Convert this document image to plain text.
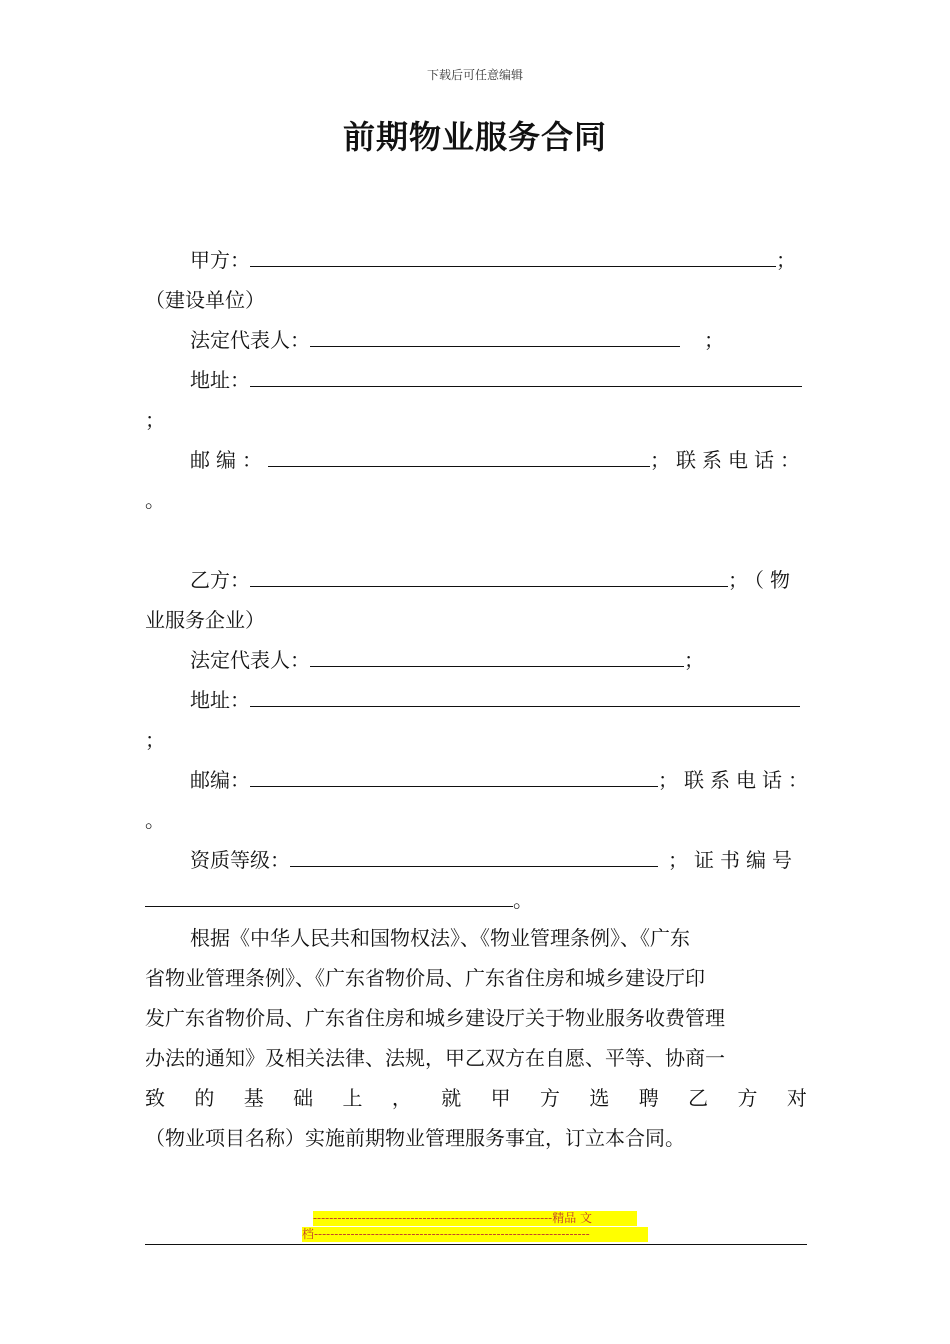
下载后可任意编辑
前期物业服务合同
甲方：	；
（建设单位）
法定代表人：	；
地址：
；
邮编：	；联系电话：
。
乙方：	；（物
业服务企业）
法定代表人：	；
地址：
；
邮编：	；联系电话：
。
资质等级：	；证书编号
。

根据《中华人民共和国物权法》、《物业管理条例》、《广东

省物业管理条例》、《广东省物价局、广东省住房和城乡建设厅印

发广东省物价局、广东省住房和城乡建设厅关于物业服务收费管理

办法的通知》及相关法律、法规，甲乙双方在自愿、平等、协商一

致 的 基 础 上 ， 就 甲 方 选 聘 乙 方 对

（物业项目名称）实施前期物业管理服务事宜，订立本合同。

-----------------------------------------------------------精品 文
档--------------------------------------------------------------------
